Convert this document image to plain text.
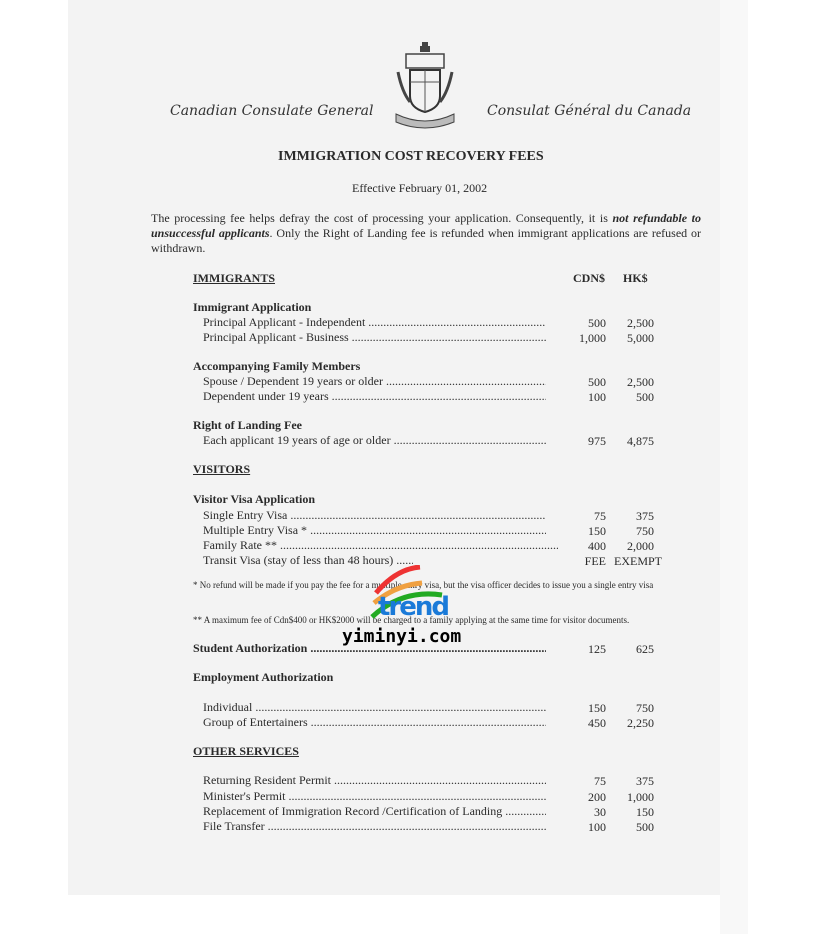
Canadian Consulate General	Consulat Général du Canada
IMMIGRATION COST RECOVERY FEES
Effective February 01, 2002
The processing fee helps defray the cost of processing your application. Consequently, it is not refundable to unsuccessful applicants. Only the Right of Landing fee is refunded when immigrant applications are refused or withdrawn.
IMMIGRANTS	CDN$ HK$
Immigrant Application
Principal Applicant - Independent .....	500	2,500
Principal Applicant - Business .....	1,000	5,000
Accompanying Family Members
Spouse / Dependent 19 years or older .....	500	2,500
Dependent under 19 years .....	100	500
Right of Landing Fee
Each applicant 19 years of age or older .....	975	4,875
VISITORS
Visitor Visa Application
Single Entry Visa .....	75	375
Multiple Entry Visa * .....	150	750
Family Rate ** .....	400	2,000
Transit Visa (stay of less than 48 hours) .....	FEE EXEMPT
* No refund will be made if you pay the fee for a multiple entry visa, but the visa officer decides to issue you a single entry visa
** A maximum fee of Cdn$400 or HK$2000 will be charged to a family applying at the same time for visitor documents.
Student Authorization .....	125	625
Employment Authorization
Individual .....	150	750
Group of Entertainers .....	450	2,250
OTHER SERVICES
Returning Resident Permit .....	75	375
Minister's Permit .....	200	1,000
Replacement of Immigration Record /Certification of Landing .....	30	150
File Transfer .....	100	500
trend
yiminyi.com
